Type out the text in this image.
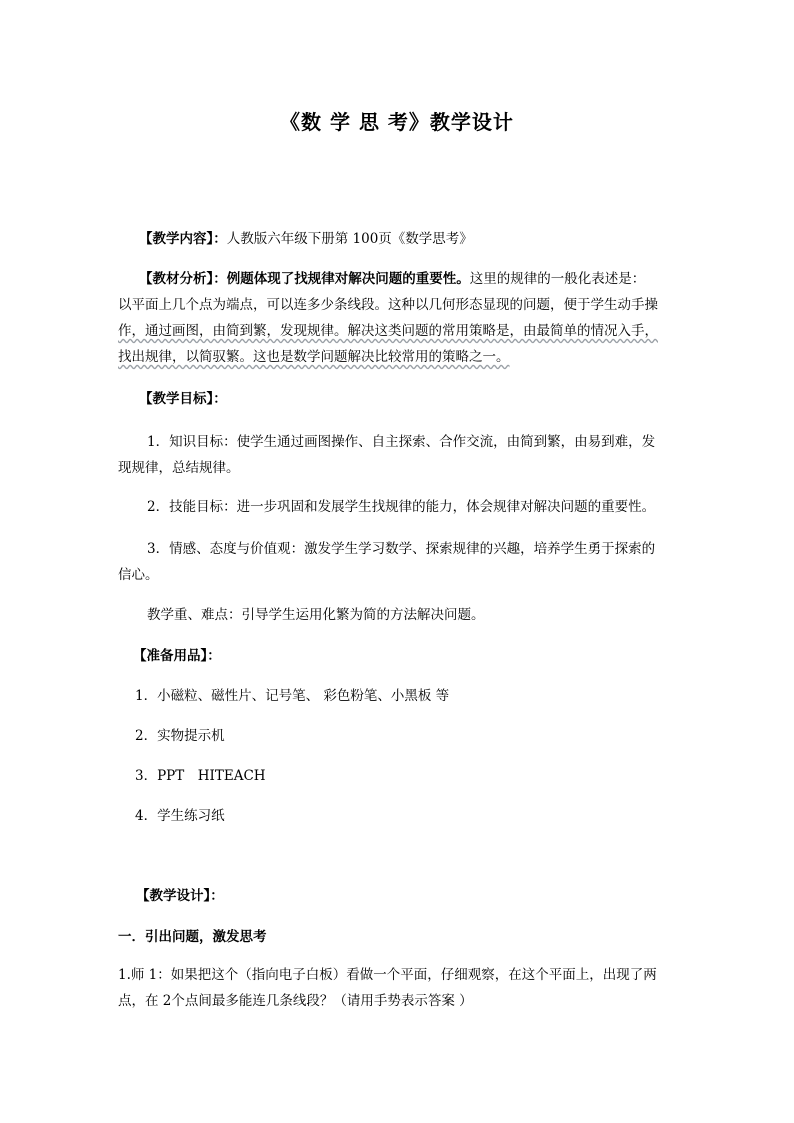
《数 学 思 考》教学设计
【教学内容】：人教版六年级下册第 100页《数学思考》
【教材分析】：例题体现了找规律对解决问题的重要性。这里的规律的一般化表述是：
以平面上几个点为端点，可以连多少条线段。这种以几何形态显现的问题，便于学生动手操
作，通过画图，由简到繁，发现规律。解决这类问题的常用策略是，由最简单的情况入手，
找出规律，以简驭繁。这也是数学问题解决比较常用的策略之一。
【教学目标】：
1．知识目标：使学生通过画图操作、自主探索、合作交流，由简到繁，由易到难，发
现规律，总结规律。
2．技能目标：进一步巩固和发展学生找规律的能力，体会规律对解决问题的重要性。
3．情感、态度与价值观：激发学生学习数学、探索规律的兴趣，培养学生勇于探索的
信心。
教学重、难点：引导学生运用化繁为简的方法解决问题。
【准备用品】：
1．小磁粒、磁性片、记号笔、 彩色粉笔、小黑板 等
2．实物提示机
3．PPT　HITEACH
4．学生练习纸
【教学设计】：
一．引出问题，激发思考
1.师 1：如果把这个（指向电子白板）看做一个平面，仔细观察，在这个平面上，出现了两
点，在 2个点间最多能连几条线段？（请用手势表示答案 ）
